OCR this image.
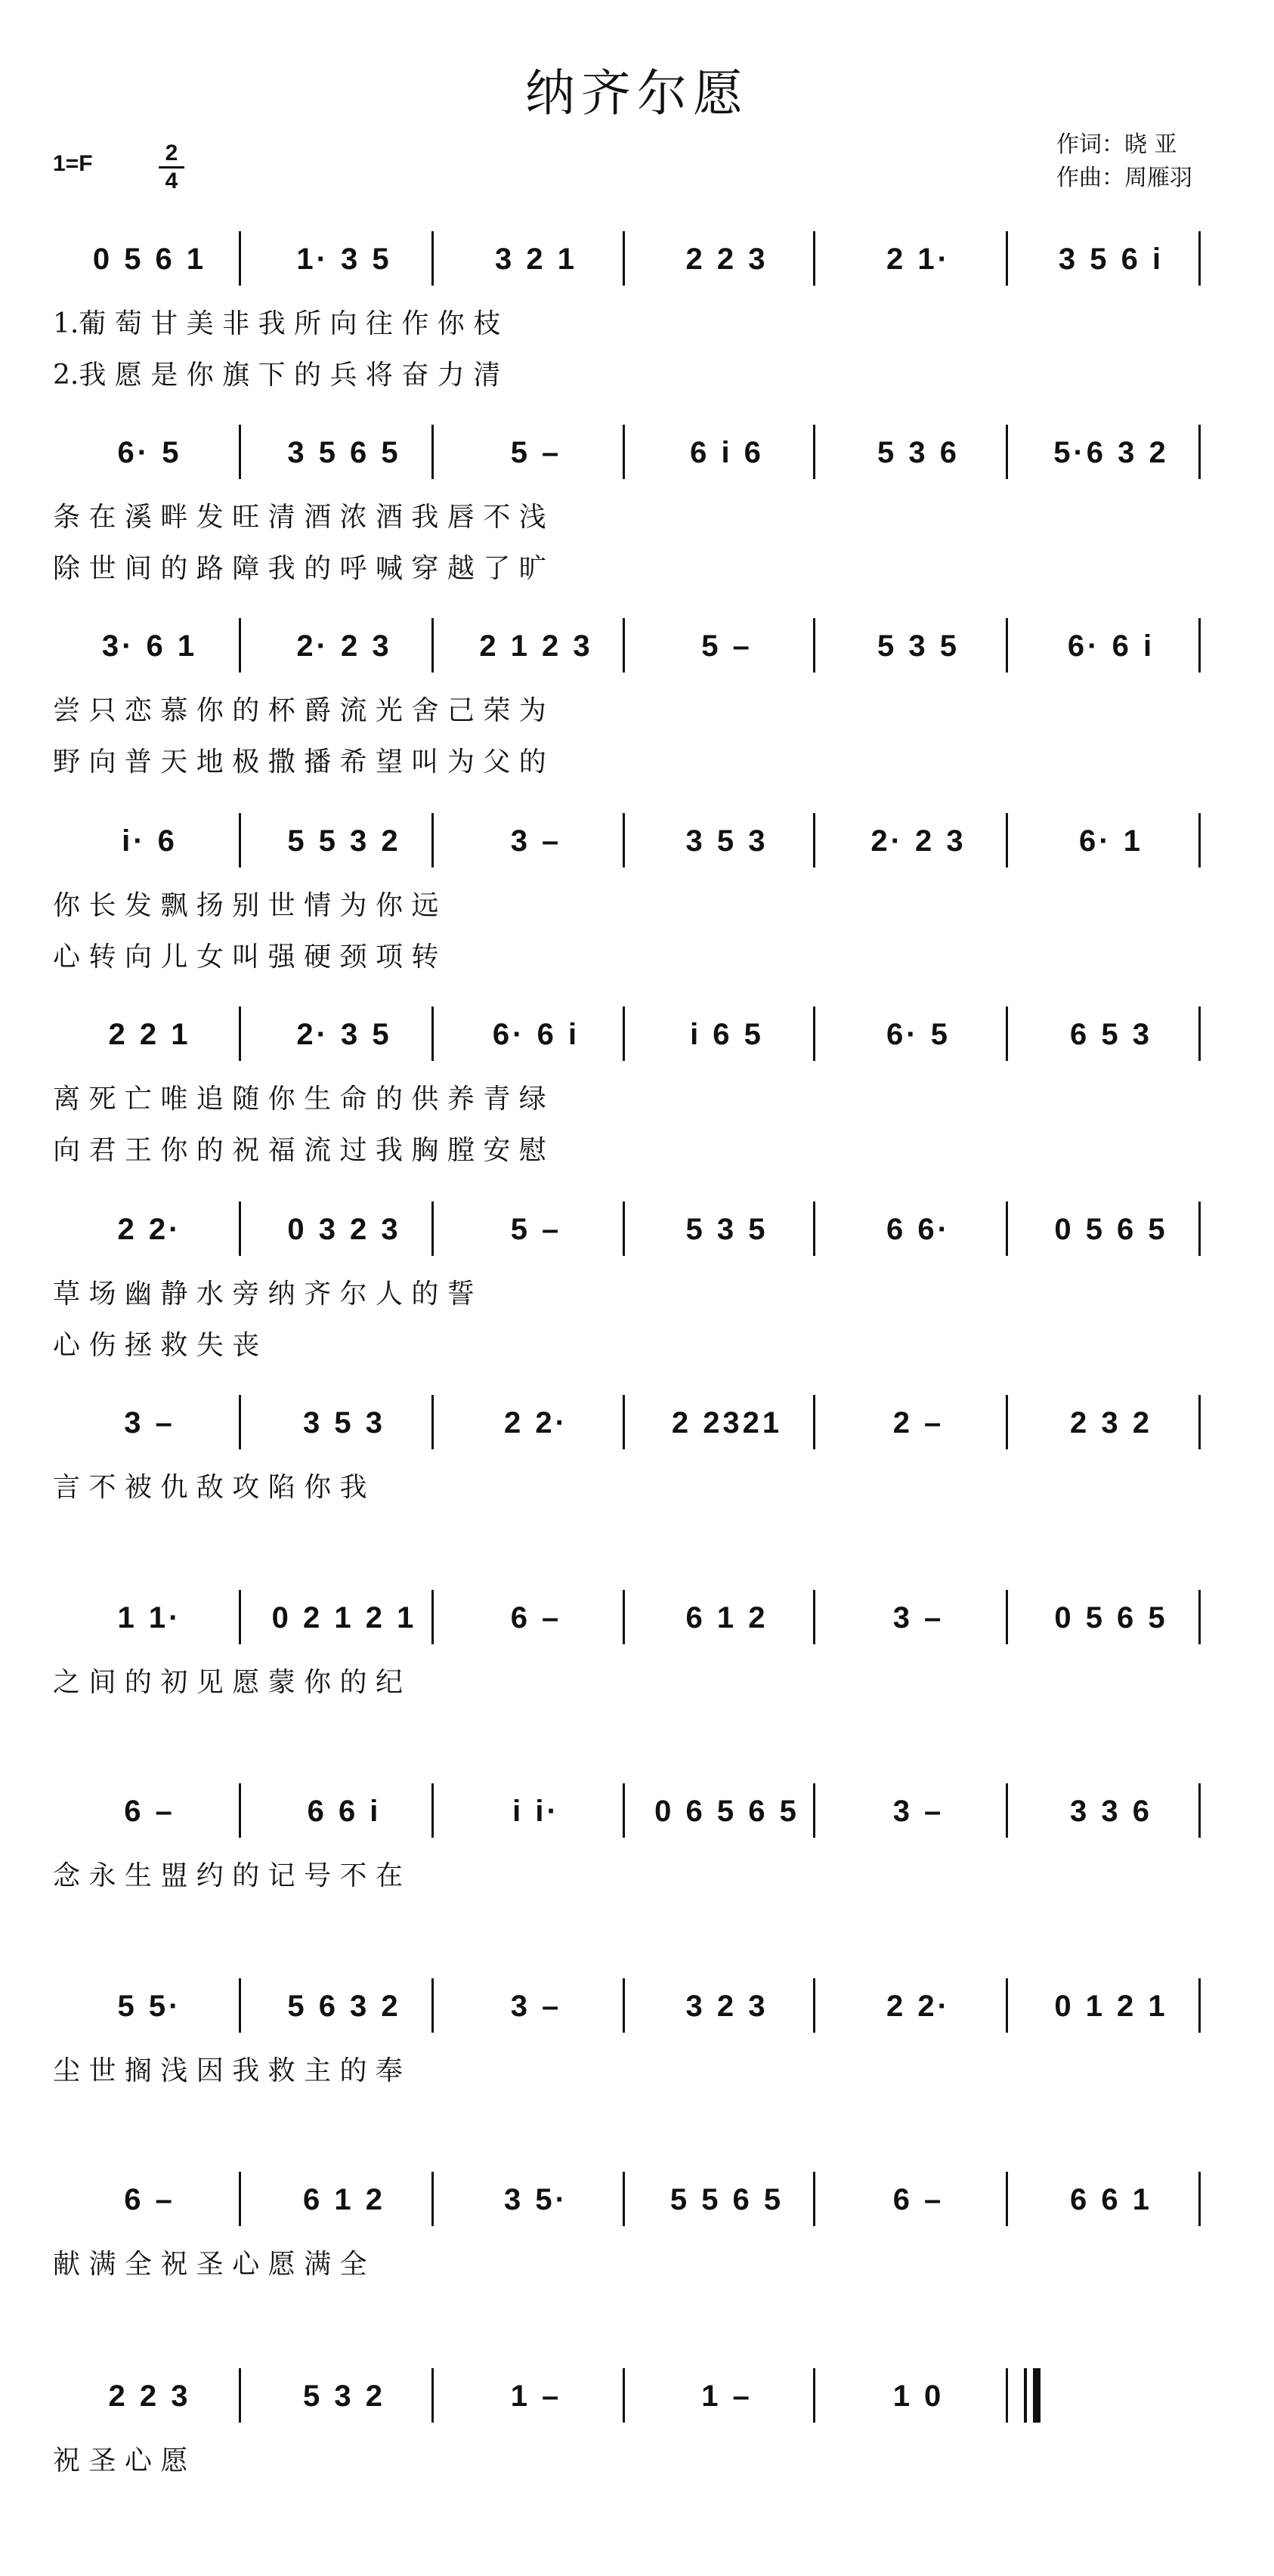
纳齐尔愿
1=F	2
4
作词：晓 亚
作曲：周雁羽
0 5 6 1	1· 3 5	3 2 1	2 2 3	2 1·	3 5 6 i
1.葡 萄 甘 美 非 我 所 向 往 作 你 枝
2.我 愿 是 你 旗 下 的 兵 将 奋 力 清
6· 5	3 5 6 5	5 –	6 i 6	5 3 6	5·6 3 2
条 在 溪 畔 发 旺 清 酒 浓 酒 我 唇 不 浅
除 世 间 的 路 障 我 的 呼 喊 穿 越 了 旷
3· 6 1	2· 2 3	2 1 2 3	5 –	5 3 5	6· 6 i
尝 只 恋 慕 你 的 杯 爵 流 光 舍 己 荣 为
野 向 普 天 地 极 撒 播 希 望 叫 为 父 的
i· 6	5 5 3 2	3 –	3 5 3	2· 2 3	6· 1
你 长 发 飘 扬 别 世 情 为 你 远
心 转 向 儿 女 叫 强 硬 颈 项 转
2 2 1	2· 3 5	6· 6 i	i 6 5	6· 5	6 5 3
离 死 亡 唯 追 随 你 生 命 的 供 养 青 绿
向 君 王 你 的 祝 福 流 过 我 胸 膛 安 慰
2 2·	0 3 2 3	5 –	5 3 5	6 6·	0 5 6 5
草 场 幽 静 水 旁 纳 齐 尔 人 的 誓
心 伤 拯 救 失 丧
3 –	3 5 3	2 2·	2 2321	2 –	2 3 2
言 不 被 仇 敌 攻 陷 你 我
1 1·	0 2 1 2 1	6 –	6 1 2	3 –	0 5 6 5
之 间 的 初 见 愿 蒙 你 的 纪
6 –	6 6 i	i i·	0 6 5 6 5	3 –	3 3 6
念 永 生 盟 约 的 记 号 不 在
5 5·	5 6 3 2	3 –	3 2 3	2 2·	0 1 2 1
尘 世 搁 浅 因 我 救 主 的 奉
6 –	6 1 2	3 5·	5 5 6 5	6 –	6 6 1
献 满 全 祝 圣 心 愿 满 全
2 2 3	5 3 2	1 –	1 –	1 0
祝 圣 心 愿
